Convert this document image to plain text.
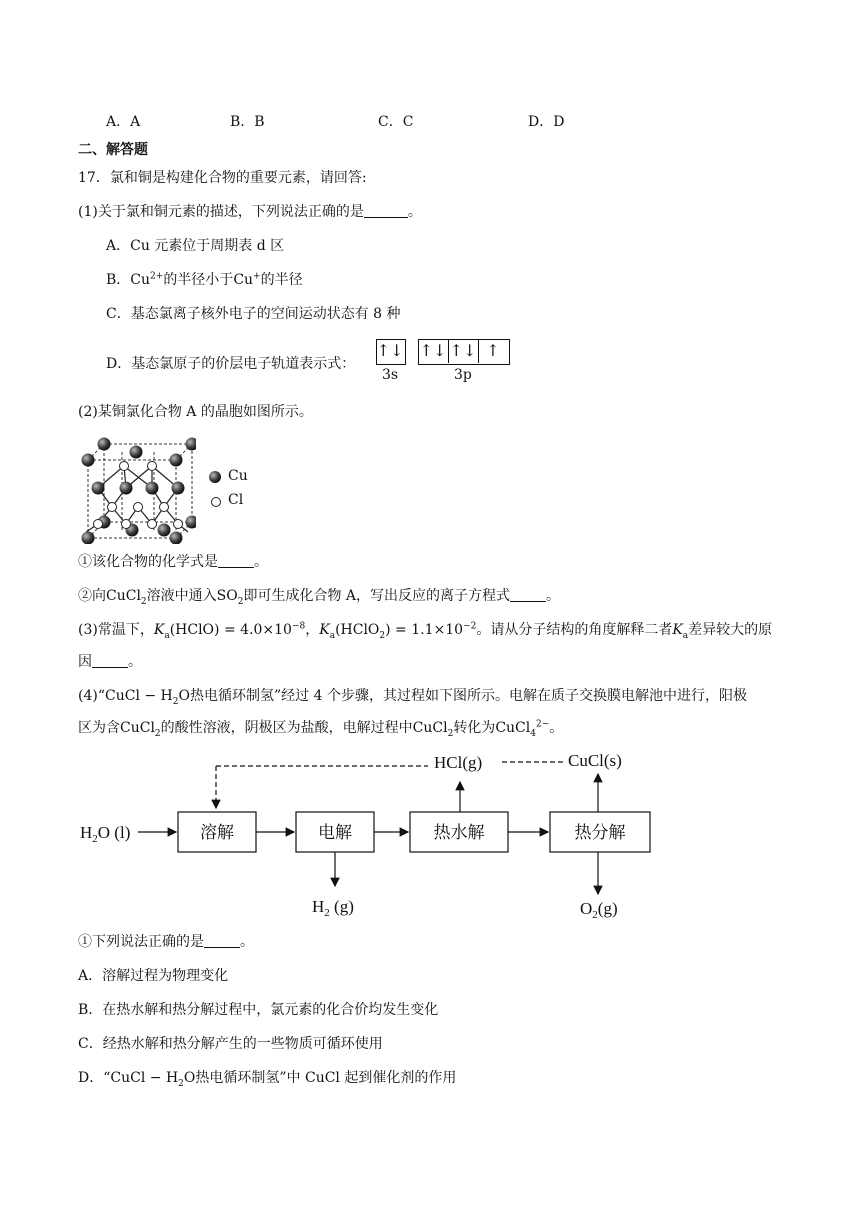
A．A	B．B	C．C	D．D
二、解答题
17．氯和铜是构建化合物的重要元素，请回答:
(1)关于氯和铜元素的描述，下列说法正确的是	。
A．Cu 元素位于周期表 d 区
B．$Cu^{2+}$的半径小于Cu+的半径
C．基态氯离子核外电子的空间运动状态有 8 种
D．基态氯原子的价层电子轨道表示式：
↑↓ ↑↓ ↑↓ ↑
3s	3p
(2)某铜氯化合物 A 的晶胞如图所示。
Cu
Cl
①该化合物的化学式是	。
②向CuCl$_2$溶液中通入$SO_2$即可生成化合物 A，写出反应的离子方程式	。
(3)常温下，$K_a(HClO) = 4.0\times 10^{-8}$，$K_a(HClO_2) = 1.1\times 10^{-2}$。请从分子结构的角度解释二者$K_a$差异较大的原
因	。
(4)“CuCl − $H_2O$热电循环制氢”经过 4 个步骤，其过程如下图所示。电解在质子交换膜电解池中进行，阳极
区为含CuCl$_2$的酸性溶液，阴极区为盐酸，电解过程中CuCl$_2$转化为CuCl$_4^{2-}$。
$H_2O$ (l)	溶解	电解	热水解	热分解
HCl(g)	CuCl(s)
$H_2$ (g)	$O_2(g)$
①下列说法正确的是	。
A．溶解过程为物理变化
B．在热水解和热分解过程中，氯元素的化合价均发生变化
C．经热水解和热分解产生的一些物质可循环使用
D．“CuCl − $H_2O$热电循环制氢”中 CuCl 起到催化剂的作用
